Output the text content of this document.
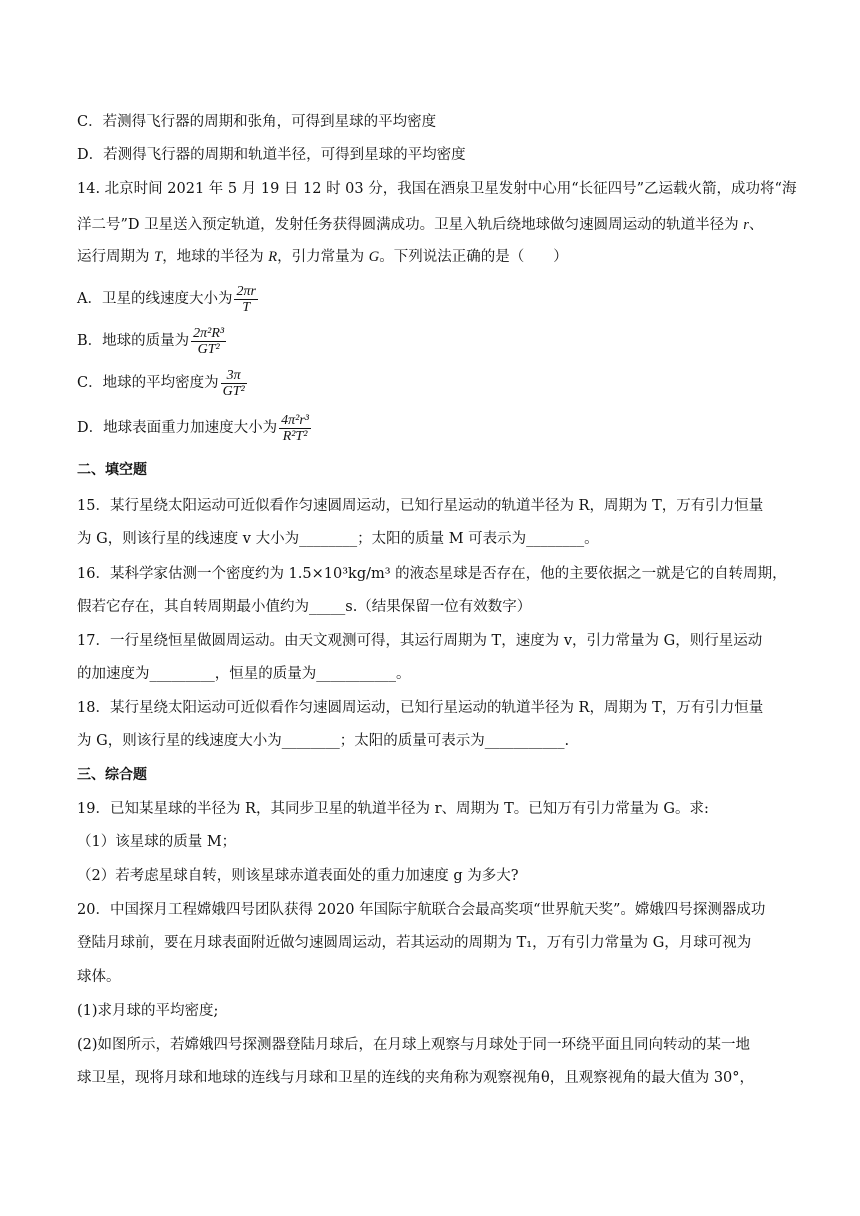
C．若测得飞行器的周期和张角，可得到星球的平均密度
D．若测得飞行器的周期和轨道半径，可得到星球的平均密度
14. 北京时间 2021 年 5 月 19 日 12 时 03 分，我国在酒泉卫星发射中心用“长征四号”乙运载火箭，成功将“海
洋二号”D 卫星送入预定轨道，发射任务获得圆满成功。卫星入轨后绕地球做匀速圆周运动的轨道半径为 r、
运行周期为 T，地球的半径为 R，引力常量为 G。下列说法正确的是（　　）
A．卫星的线速度大小为 $\frac{2\pi r}{T}$
B．地球的质量为 $\frac{\text{2π²R³}}{\text{GT²}}$
C．地球的平均密度为 $\frac{3\pi}{\text{GT²}}$
D．地球表面重力加速度大小为 $\frac{\text{4π²r³}}{\text{R²T²}}$
二、填空题
15．某行星绕太阳运动可近似看作匀速圆周运动，已知行星运动的轨道半径为 R，周期为 T，万有引力恒量
为 G，则该行星的线速度 v 大小为________；太阳的质量 M 可表示为________。
16．某科学家估测一个密度约为 1.5×10³kg/m³ 的液态星球是否存在，他的主要依据之一就是它的自转周期，
假若它存在，其自转周期最小值约为_____s.（结果保留一位有效数字）
17．一行星绕恒星做圆周运动。由天文观测可得，其运行周期为 T，速度为 v，引力常量为 G，则行星运动
的加速度为_________，恒星的质量为___________。
18．某行星绕太阳运动可近似看作匀速圆周运动，已知行星运动的轨道半径为 R，周期为 T，万有引力恒量
为 G，则该行星的线速度大小为________；太阳的质量可表示为___________.
三、综合题
19．已知某星球的半径为 R，其同步卫星的轨道半径为 r、周期为 T。已知万有引力常量为 G。求:
（1）该星球的质量 M；
（2）若考虑星球自转，则该星球赤道表面处的重力加速度 g 为多大?
20．中国探月工程嫦娥四号团队获得 2020 年国际宇航联合会最高奖项“世界航天奖”。嫦娥四号探测器成功
登陆月球前，要在月球表面附近做匀速圆周运动，若其运动的周期为 T₁，万有引力常量为 G，月球可视为
球体。
(1)求月球的平均密度;
(2)如图所示，若嫦娥四号探测器登陆月球后，在月球上观察与月球处于同一环绕平面且同向转动的某一地
球卫星，现将月球和地球的连线与月球和卫星的连线的夹角称为观察视角θ，且观察视角的最大值为 30°，
